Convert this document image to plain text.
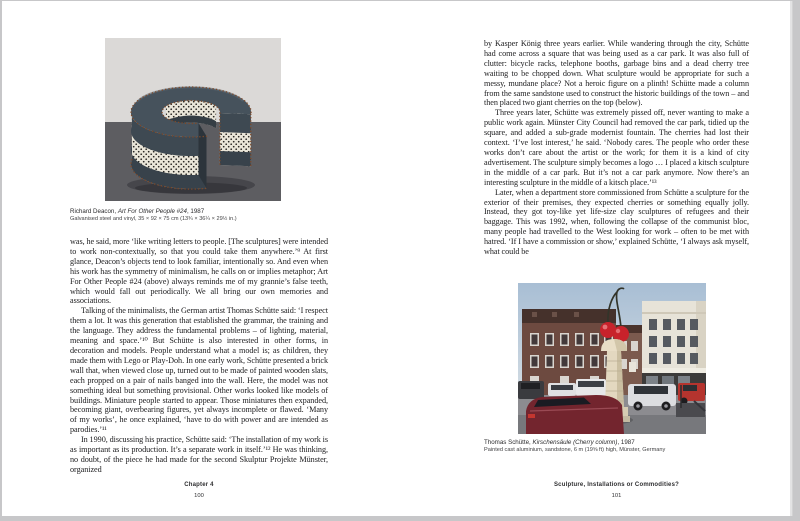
Richard Deacon, Art For Other People #24, 1987
Galvanised steel and vinyl, 35 × 92 × 75 cm (13¾ × 36¼ × 29½ in.)

was, he said, more ‘like writing letters to people. [The sculptures] were intended to work non-contextually, so that you could take them anywhere.’⁹ At first glance, Deacon’s objects tend to look familiar, intentionally so. And even when his work has the symmetry of minimalism, he calls on or implies metaphor; Art For Other People #24 (above) always reminds me of my grannie’s false teeth, which would fall out periodically. We all bring our own memories and associations.

Talking of the minimalists, the German artist Thomas Schütte said: ‘I respect them a lot. It was this generation that established the grammar, the training and the language. They address the fundamental problems – of lighting, material, meaning and space.’¹⁰ But Schütte is also interested in other forms, in decoration and models. People understand what a model is; as children, they made them with Lego or Play-Doh. In one early work, Schütte presented a brick wall that, when viewed close up, turned out to be made of painted wooden slats, each propped on a pair of nails banged into the wall. Here, the model was not something ideal but something provisional. Other works looked like models of buildings. Miniature people started to appear. Those miniatures then expanded, becoming giant, overbearing figures, yet always incomplete or flawed. ‘Many of my works’, he once explained, ‘have to do with power and are intended as parodies.’¹¹

In 1990, discussing his practice, Schütte said: ‘The installation of my work is as important as its production. It’s a separate work in itself.’¹² He was thinking, no doubt, of the piece he had made for the second Skulptur Projekte Münster, organized

Chapter 4
100

by Kasper König three years earlier. While wandering through the city, Schütte had come across a square that was being used as a car park. It was also full of clutter: bicycle racks, telephone booths, garbage bins and a dead cherry tree waiting to be chopped down. What sculpture would be appropriate for such a messy, mundane place? Not a heroic figure on a plinth! Schütte made a column from the same sandstone used to construct the historic buildings of the town – and then placed two giant cherries on the top (below).

Three years later, Schütte was extremely pissed off, never wanting to make a public work again. Münster City Council had removed the car park, tidied up the square, and added a sub-grade modernist fountain. The cherries had lost their context. ‘I’ve lost interest,’ he said. ‘Nobody cares. The people who order these works don’t care about the artist or the work; for them it is a kind of city advertisement. The sculpture simply becomes a logo … I placed a kitsch sculpture in the middle of a car park. But it’s not a car park anymore. Now there’s an interesting sculpture in the middle of a kitsch place.’¹³

Later, when a department store commissioned from Schütte a sculpture for the exterior of their premises, they expected cherries or something equally jolly. Instead, they got toy-like yet life-size clay sculptures of refugees and their baggage. This was 1992, when, following the collapse of the communist bloc, many people had travelled to the West looking for work – often to be met with hatred. ‘If I have a commission or show,’ explained Schütte, ‘I always ask myself, what could be

Thomas Schütte, Kirschensäule (Cherry column), 1987
Painted cast aluminium, sandstone, 6 m (19⅝ ft) high, Münster, Germany
Sculpture, Installations or Commodities?
101
